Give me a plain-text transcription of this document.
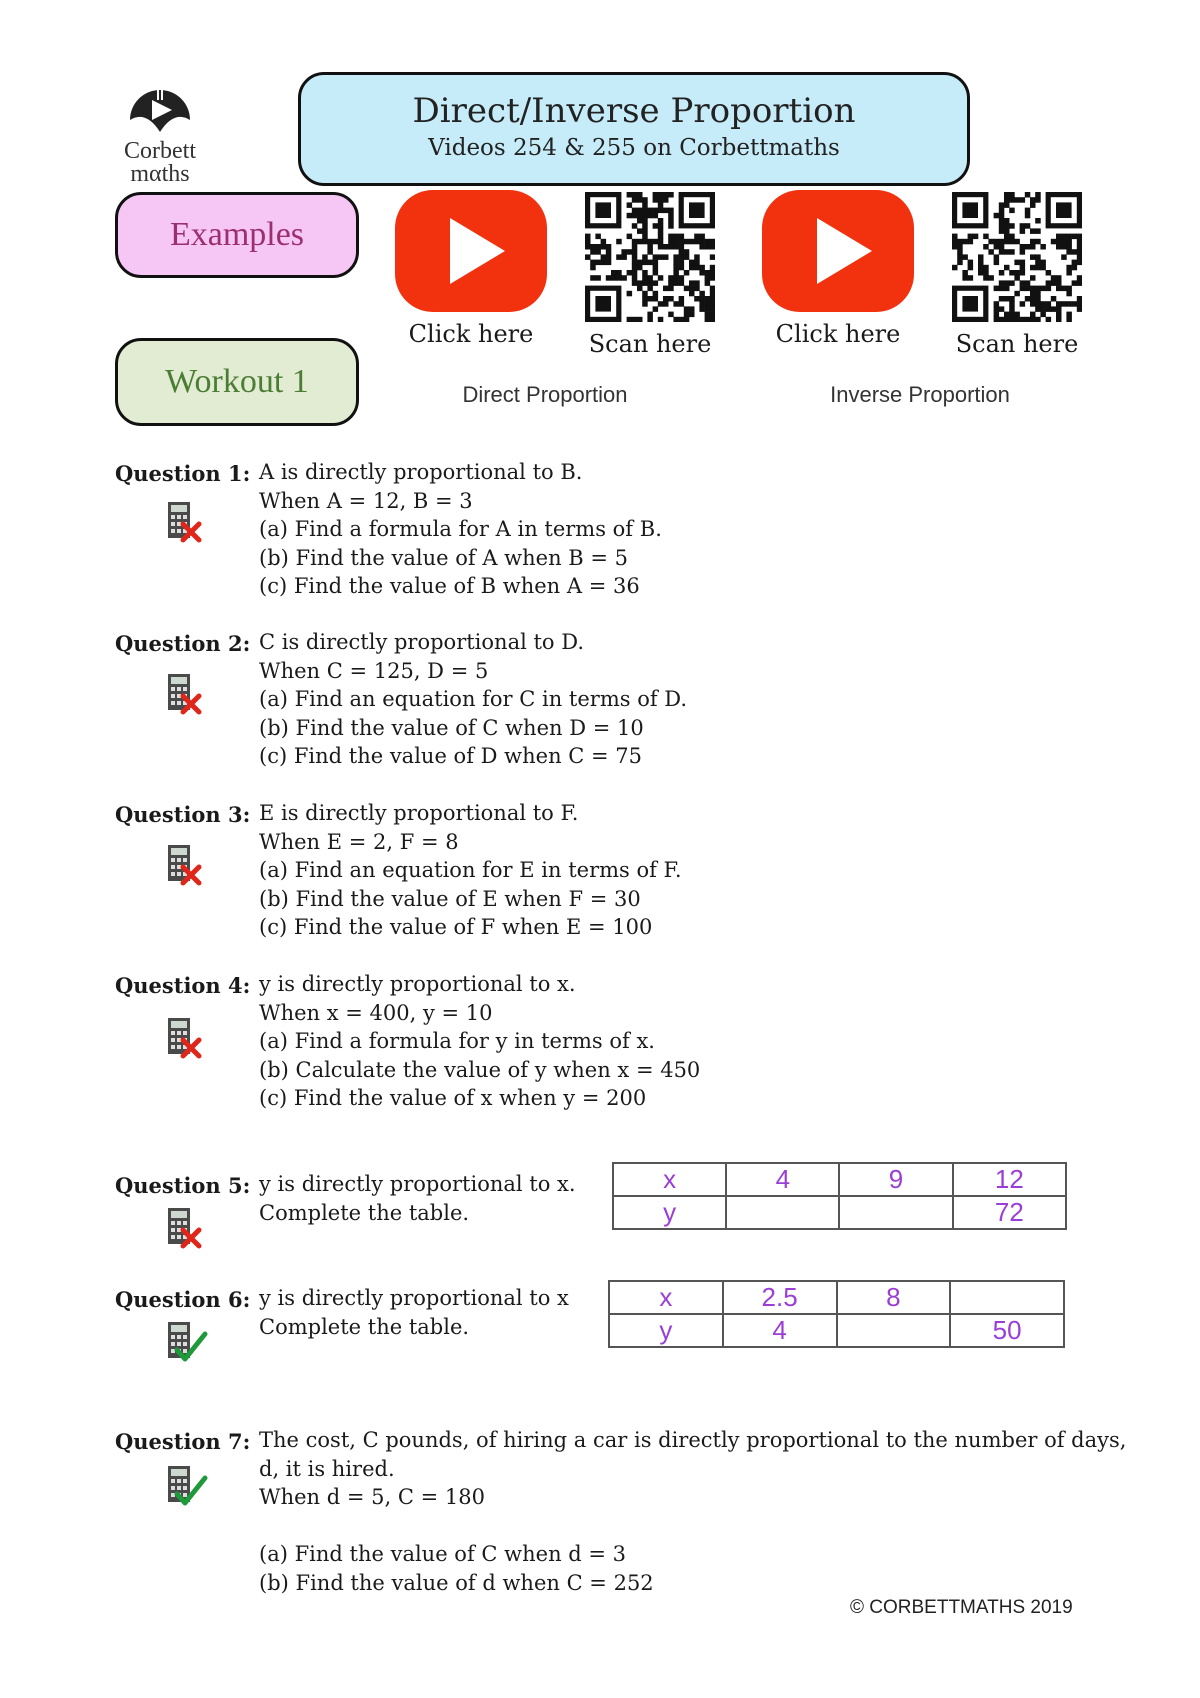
Corbett
mαths
Direct/Inverse Proportion
Videos 254 & 255 on Corbettmaths
Examples
Workout 1
Click here	Scan here
Direct Proportion
Click here	Scan here
Inverse Proportion
Question 1: A is directly proportional to B.
When A = 12, B = 3
(a) Find a formula for A in terms of B.
(b) Find the value of A when B = 5
(c) Find the value of B when A = 36
Question 2: C is directly proportional to D.
When C = 125, D = 5
(a) Find an equation for C in terms of D.
(b) Find the value of C when D = 10
(c) Find the value of D when C = 75
Question 3: E is directly proportional to F.
When E = 2, F = 8
(a) Find an equation for E in terms of F.
(b) Find the value of E when F = 30
(c) Find the value of F when E = 100
Question 4: y is directly proportional to x.
When x = 400, y = 10
(a) Find a formula for y in terms of x.
(b) Calculate the value of y when x = 450
(c) Find the value of x when y = 200
Question 5: y is directly proportional to x.
Complete the table.
x	4	9	12
y			72
Question 6: y is directly proportional to x
Complete the table.
x	2.5	8	
y	4		50
Question 7: The cost, C pounds, of hiring a car is directly proportional to the number of days,
d, it is hired.
When d = 5, C = 180
(a) Find the value of C when d = 3
(b) Find the value of d when C = 252
© CORBETTMATHS 2019
